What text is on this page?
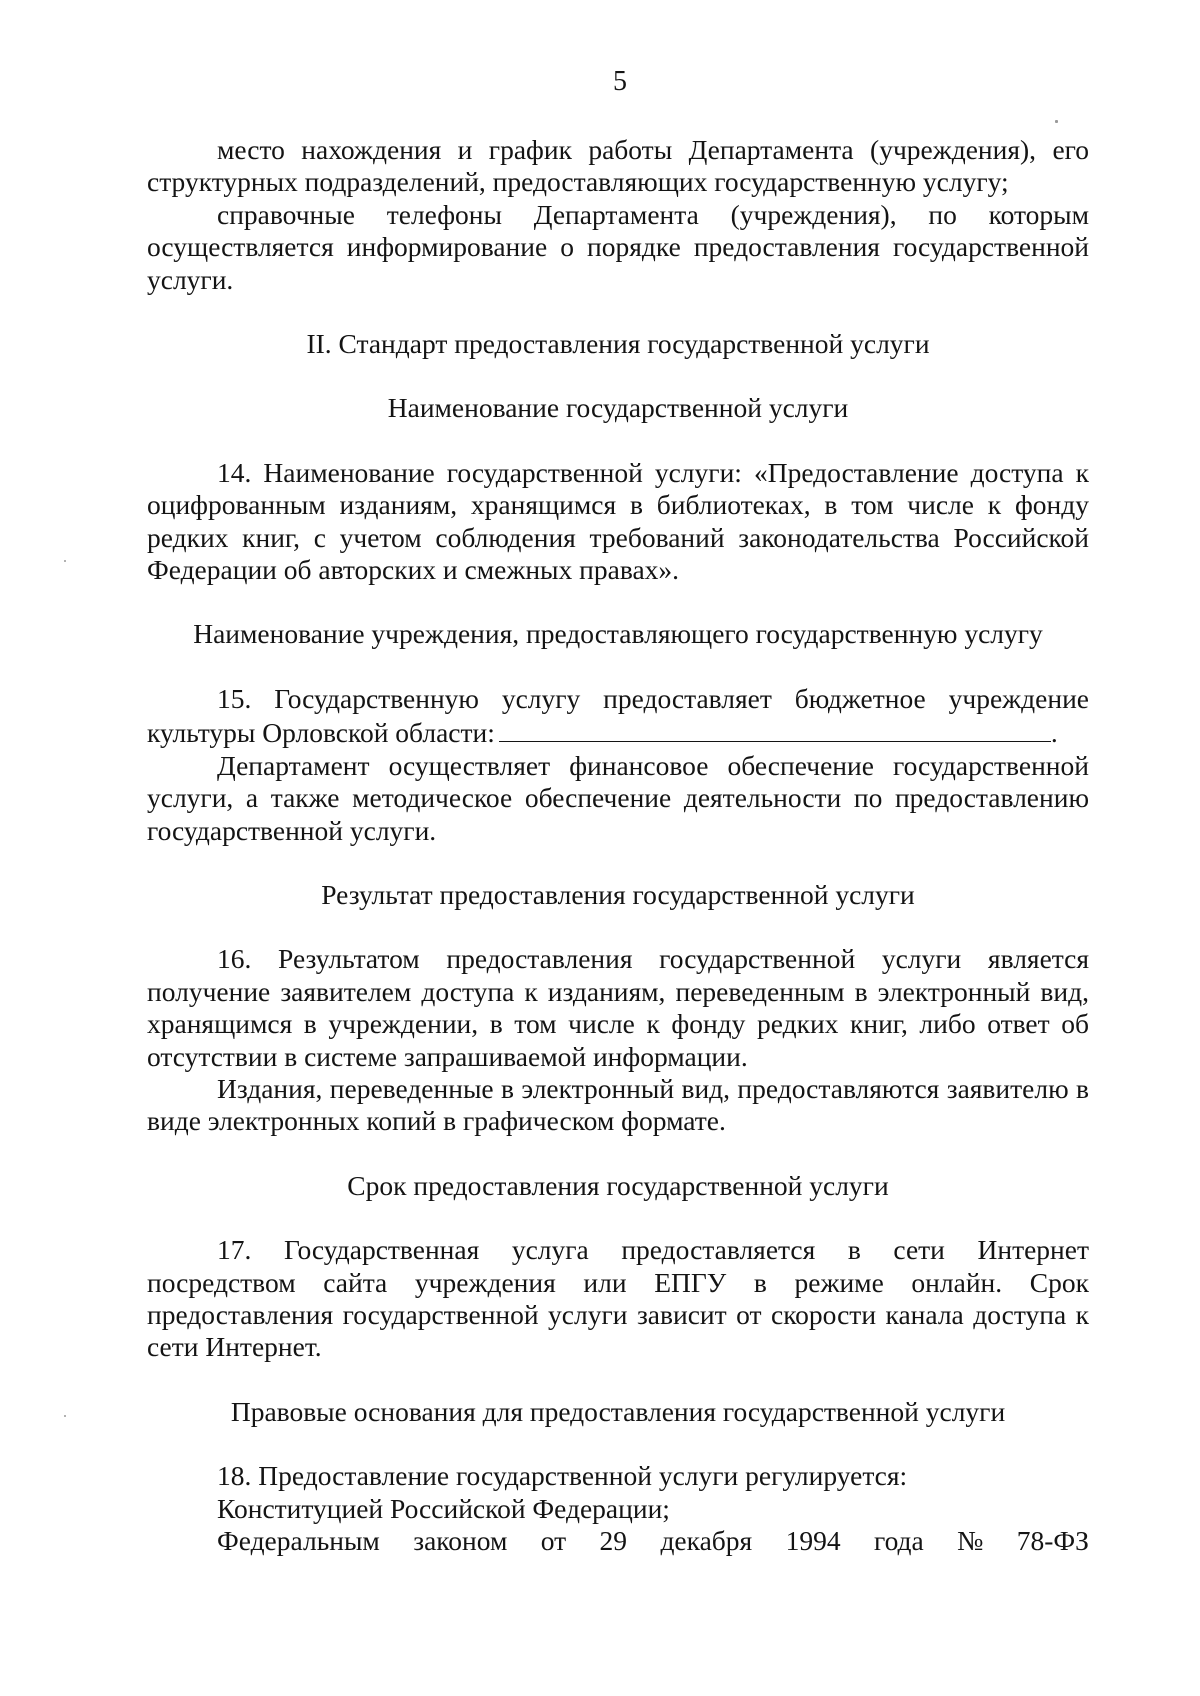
5

место нахождения и график работы Департамента (учреждения), его структурных подразделений, предоставляющих государственную услугу;

справочные телефоны Департамента (учреждения), по которым осуществляется информирование о порядке предоставления государственной услуги.

II. Стандарт предоставления государственной услуги
Наименование государственной услуги

14. Наименование государственной услуги: «Предоставление доступа к оцифрованным изданиям, хранящимся в библиотеках, в том числе к фонду редких книг, с учетом соблюдения требований законодательства Российской Федерации об авторских и смежных правах».

Наименование учреждения, предоставляющего государственную услугу

15. Государственную услугу предоставляет бюджетное учреждение культуры Орловской области:	.

Департамент осуществляет финансовое обеспечение государственной услуги, а также методическое обеспечение деятельности по предоставлению государственной услуги.

Результат предоставления государственной услуги

16. Результатом предоставления государственной услуги является получение заявителем доступа к изданиям, переведенным в электронный вид, хранящимся в учреждении, в том числе к фонду редких книг, либо ответ об отсутствии в системе запрашиваемой информации.

Издания, переведенные в электронный вид, предоставляются заявителю в виде электронных копий в графическом формате.

Срок предоставления государственной услуги

17. Государственная услуга предоставляется в сети Интернет посредством сайта учреждения или ЕПГУ в режиме онлайн. Срок предоставления государственной услуги зависит от скорости канала доступа к сети Интернет.

Правовые основания для предоставления государственной услуги

18. Предоставление государственной услуги регулируется:

Конституцией Российской Федерации;

Федеральным законом от 29 декабря 1994 года № 78-ФЗ
